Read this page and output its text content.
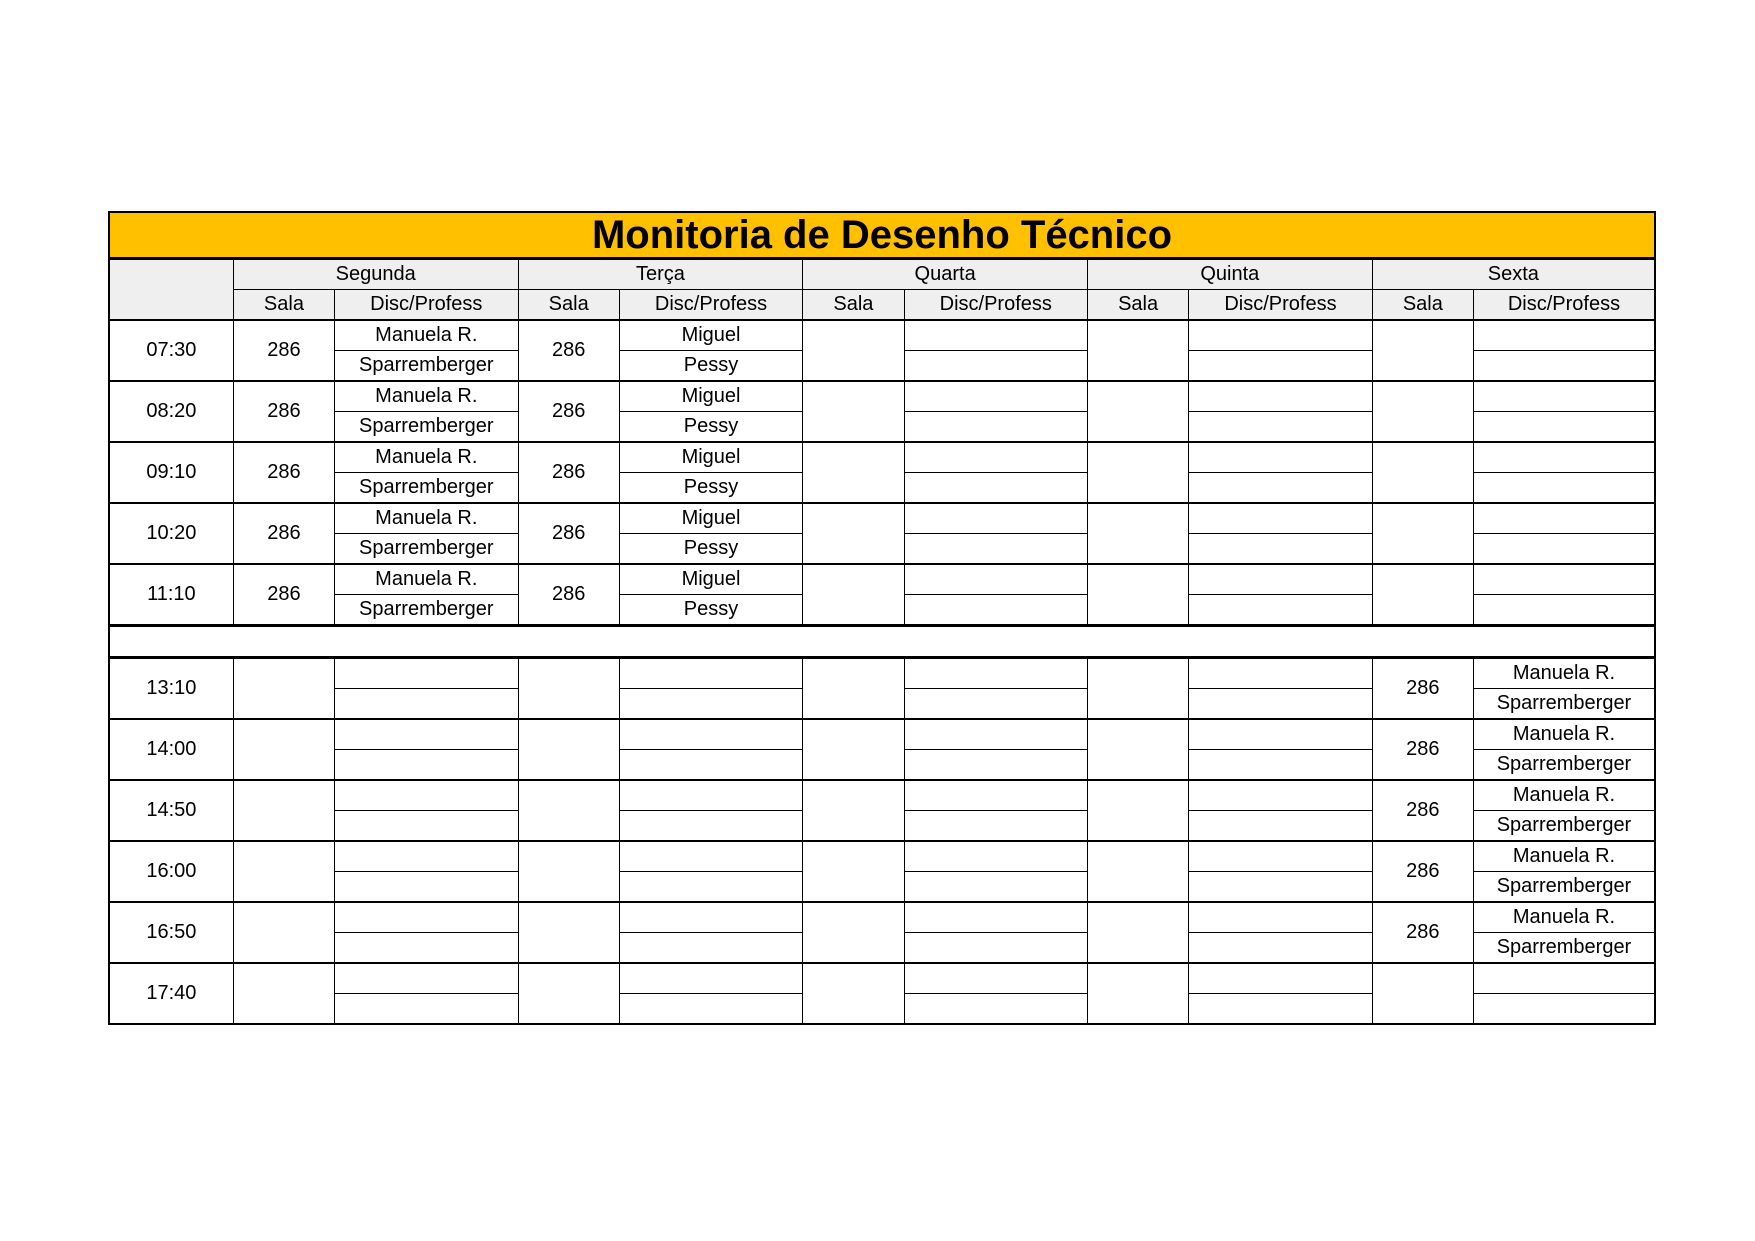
Monitoria de Desenho Técnico
	Segunda		Terça		Quarta		Quinta		Sexta	
	Sala	Disc/Profess	Sala	Disc/Profess	Sala	Disc/Profess	Sala	Disc/Profess	Sala	Disc/Profess
07:30	286	Manuela R.	286	Miguel						
		Sparremberger		Pessy						
08:20	286	Manuela R.	286	Miguel						
		Sparremberger		Pessy						
09:10	286	Manuela R.	286	Miguel						
		Sparremberger		Pessy						
10:20	286	Manuela R.	286	Miguel						
		Sparremberger		Pessy						
11:10	286	Manuela R.	286	Miguel						
		Sparremberger		Pessy						

13:10									286	Manuela R.
										Sparremberger
14:00									286	Manuela R.
										Sparremberger
14:50									286	Manuela R.
										Sparremberger
16:00									286	Manuela R.
										Sparremberger
16:50									286	Manuela R.
										Sparremberger
17:40										
